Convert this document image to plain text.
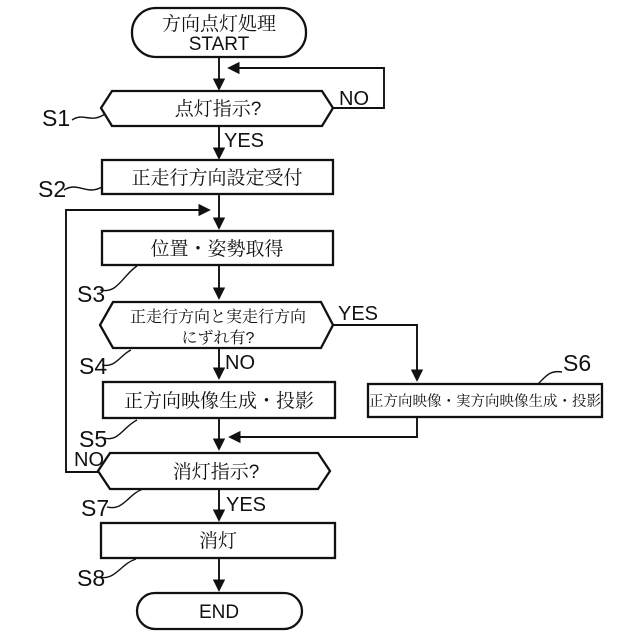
方向点灯処理
START
点灯指示?
正走行方向設定受付
位置・姿勢取得
正走行方向と実走行方向
にずれ有?
正方向映像生成・投影	正方向映像・実方向映像生成・投影
消灯指示?
消灯
END
S1
S2
S3
S4
S5
S6
S7
S8
NO
YES
YES
NO
NO
YES
